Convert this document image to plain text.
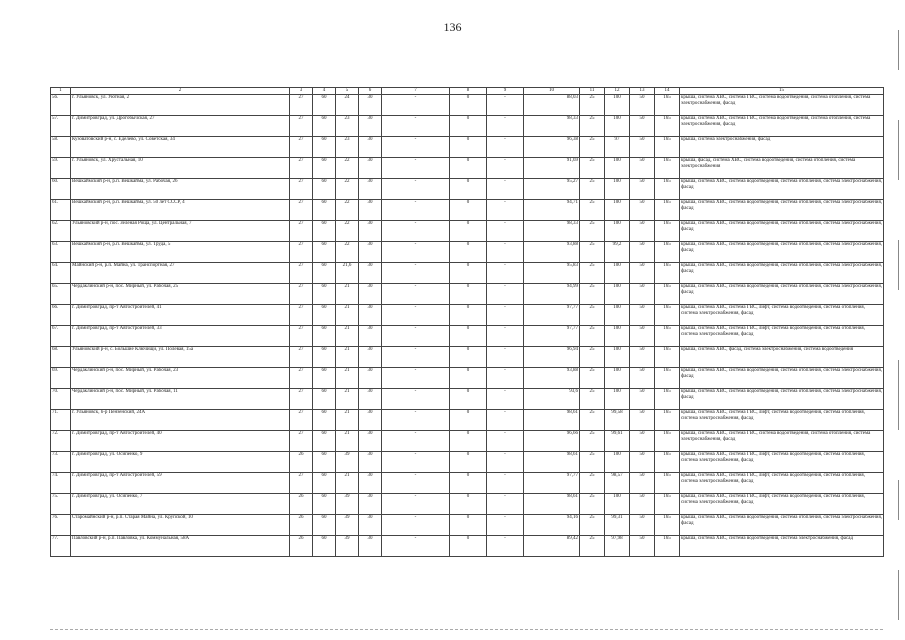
136
1	2	3	4	5	6	7	8	9	10	11	12	13	14	15
56.	г. Ульяновск, ул. Уютная, 2	27	60	24	30	-	0	-	88,03	25	100	50	165	крыша, система ХВС, система ГВС, система водоотведения, система отопления, система электроснабжения, фасад
57.	г. Димитровград, ул. Дрогобычская, 27	27	60	23	30	-	0	-	98,33	25	100	50	165	крыша, система ХВС, система ГВС, система водоотведения, система отопления, система электроснабжения, фасад
58.	Кузоватовский р-н, с. Еделево, ул. Советская, 34	27	60	23	30	-	0	-	96,38	25	97	50	165	крыша, система электроснабжения, фасад
59.	г. Ульяновск, ул. Хрустальная, 10	27	60	22	30	-	0	-	91,69	25	100	50	165	крыша, фасад, система ХВС, система водоотведения, система отопления, система электроснабжения
60.	Вешкаймский р-н, р.п. Вешкайма, ул. Рабочая, 26	27	60	22	30	-	0	-	95,27	25	100	50	165	крыша, система ХВС, система водоотведения, система отопления, система электроснабжения, фасад
61.	Вешкаймский р-н, р.п. Вешкайма, ул. 50 лет СССР, 4	27	60	22	30	-	0	-	94,71	25	100	50	165	крыша, система ХВС, система водоотведения, система отопления, система электроснабжения, фасад
62.	Ульяновский р-н, пос. Зелёная Роща, ул. Центральная, 7	27	60	22	30	-	0	-	98,33	25	100	50	165	крыша, система ХВС, система водоотведения, система отопления, система электроснабжения, фасад
63.	Вешкаймский р-н, р.п. Вешкайма, ул. Труда, 5	27	60	22	30	-	0	-	93,88	25	99,2	50	165	крыша, система ХВС, система водоотведения, система отопления, система электроснабжения, фасад
64.	Майнский р-н, р.п. Майна, ул. Транспортная, 27	27	60	21,6	30	-	0	-	95,83	25	100	50	165	крыша, система ХВС, система водоотведения, система отопления, система электроснабжения, фасад
65.	Чердаклинский р-н, пос. Мирный, ул. Рабочая, 25	27	60	21	30	-	0	-	94,99	25	100	50	165	крыша, система ХВС, система водоотведения, система отопления, система электроснабжения, фасад
66.	г. Димитровград, пр-т Автостроителей, 41	27	60	21	30	-	0	-	97,77	25	100	50	165	крыша, система ХВС, система ГВС, лифт, система водоотведения, система отопления, система электроснабжения, фасад
67.	г. Димитровград, пр-т Автостроителей, 33	27	60	21	30	-	0	-	97,77	25	100	50	165	крыша, система ХВС, система ГВС, лифт, система водоотведения, система отопления, система электроснабжения, фасад
68.	Ульяновский р-н, с. Большие Ключищи, ул. Полевая, 15а	27	60	21	30	-	0	-	96,94	25	100	50	165	крыша, система ХВС, фасад, система электроснабжения, система водоотведения
69.	Чердаклинский р-н, пос. Мирный, ул. Рабочая, 23	27	60	21	30	-	0	-	93,88	25	100	50	165	крыша, система ХВС, система водоотведения, система отопления, система электроснабжения, фасад
70.	Чердаклинский р-н, пос. Мирный, ул. Рабочая, 11	27	60	21	30	-	0	-	93,6	25	100	50	165	крыша, система ХВС, система водоотведения, система отопления, система электроснабжения, фасад
71.	г. Ульяновск, б-р Пензенский, 24А	27	60	21	30	-	0	-	98,61	25	99,58	50	165	крыша, система ХВС, система ГВС, лифт, система водоотведения, система отопления, система электроснабжения, фасад
72.	г. Димитровград, пр-т Автостроителей, 40	27	60	21	30	-	0	-	96,66	25	99,61	50	165	крыша, система ХВС, система ГВС, система водоотведения, система отопления, система электроснабжения, фасад
73.	г. Димитровград, ул. Осипенко, 9	26	60	39	30	-	0	-	98,61	25	100	50	165	крыша, система ХВС, система ГВС, лифт, система водоотведения, система отопления, система электроснабжения, фасад
74.	г. Димитровград, пр-т Автостроителей, 59	27	60	21	30	-	0	-	97,77	25	98,57	50	165	крыша, система ХВС, система ГВС, лифт, система водоотведения, система отопления, система электроснабжения, фасад
75.	г. Димитровград, ул. Осипенко, 7	26	60	39	30	-	0	-	98,61	25	100	50	165	крыша, система ХВС, система ГВС, лифт, система водоотведения, система отопления, система электроснабжения, фасад
76.	Старомайнский р-н, р.п. Старая Майна, ул. Крупской, 10	26	60	39	30	-	0	-	94,16	25	99,31	50	165	крыша, система ХВС, система водоотведения, система отопления, система электроснабжения, фасад
77.	Павловский р-н, р.п. Павловка, ул. Коммунальная, 58А	26	60	39	30	-	0	-	89,42	25	97,98	50	165	крыша, система ХВС, система водоотведения, система электроснабжения, фасад
